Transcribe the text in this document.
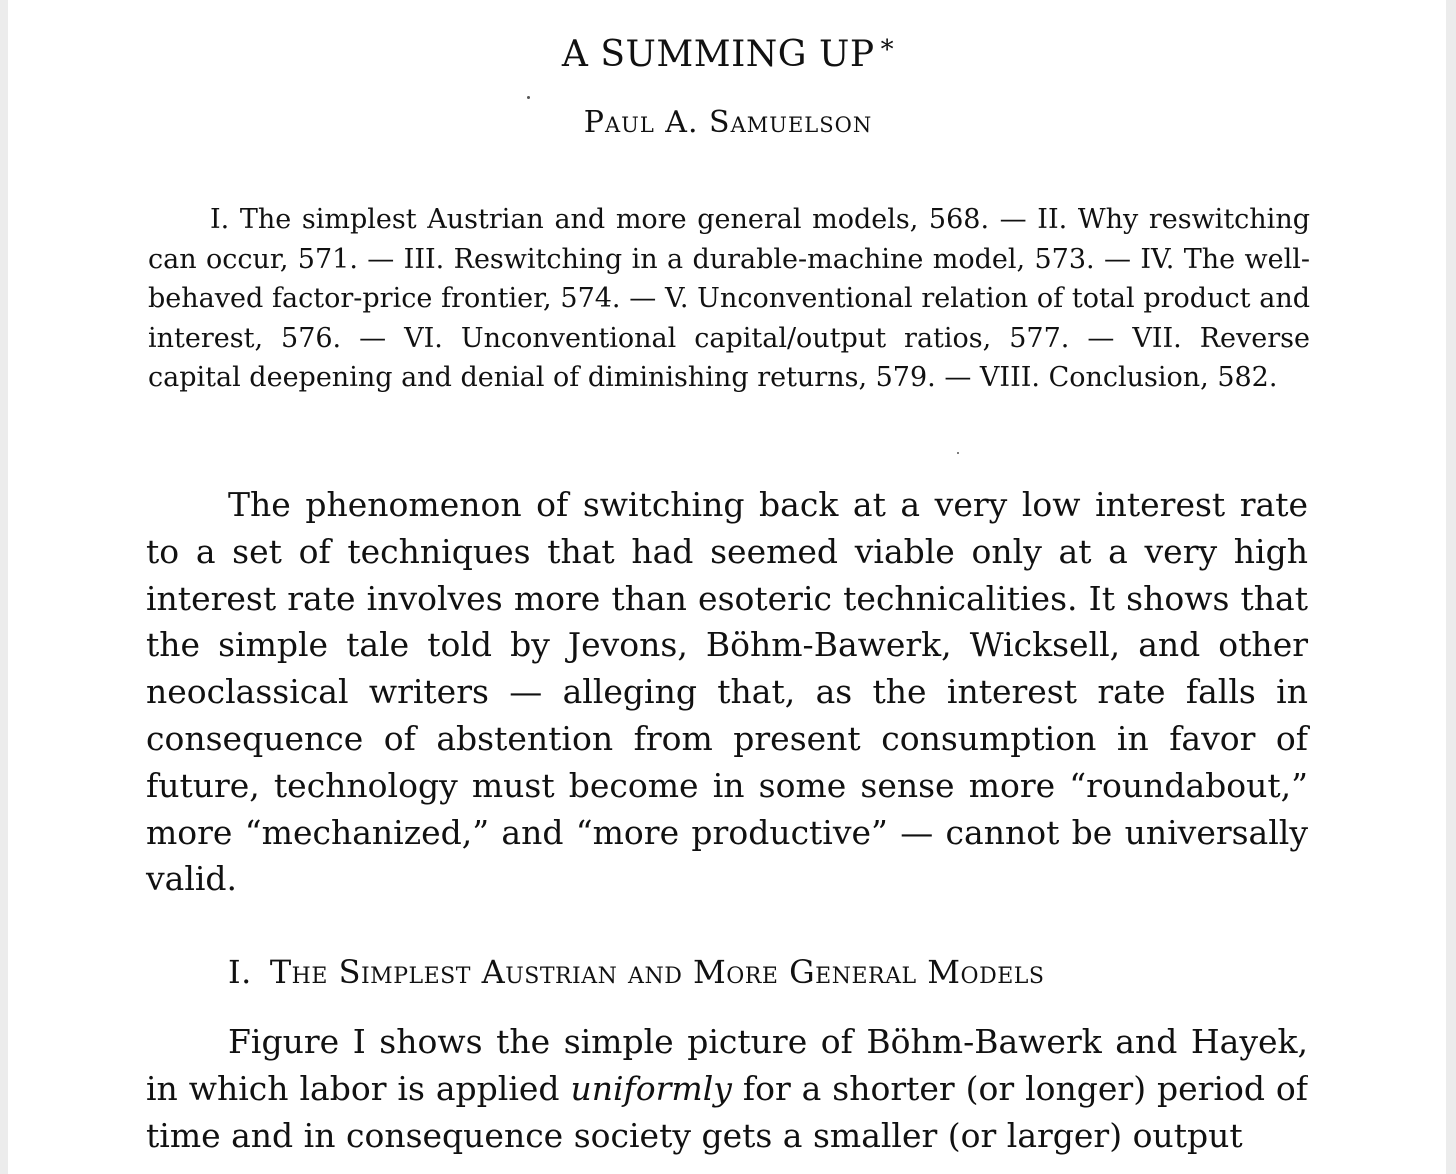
A SUMMING UP *
Paul A. Samuelson
I. The simplest Austrian and more general models, 568. — II. Why reswitching can occur, 571. — III. Reswitching in a durable-machine model, 573. — IV. The well-behaved factor-price frontier, 574. — V. Unconventional relation of total product and interest, 576. — VI. Unconventional capital/output ratios, 577. — VII. Reverse capital deepening and denial of diminishing returns, 579. — VIII. Conclusion, 582.
The phenomenon of switching back at a very low interest rate to a set of techniques that had seemed viable only at a very high interest rate involves more than esoteric technicalities. It shows that the simple tale told by Jevons, Böhm-Bawerk, Wicksell, and other neoclassical writers — alleging that, as the interest rate falls in consequence of abstention from present consumption in favor of future, technology must become in some sense more “roundabout,” more “mechanized,” and “more productive” — cannot be universally valid.
I. The Simplest Austrian and More General Models
Figure I shows the simple picture of Böhm-Bawerk and Hayek, in which labor is applied uniformly for a shorter (or longer) period of time and in consequence society gets a smaller (or larger) output
